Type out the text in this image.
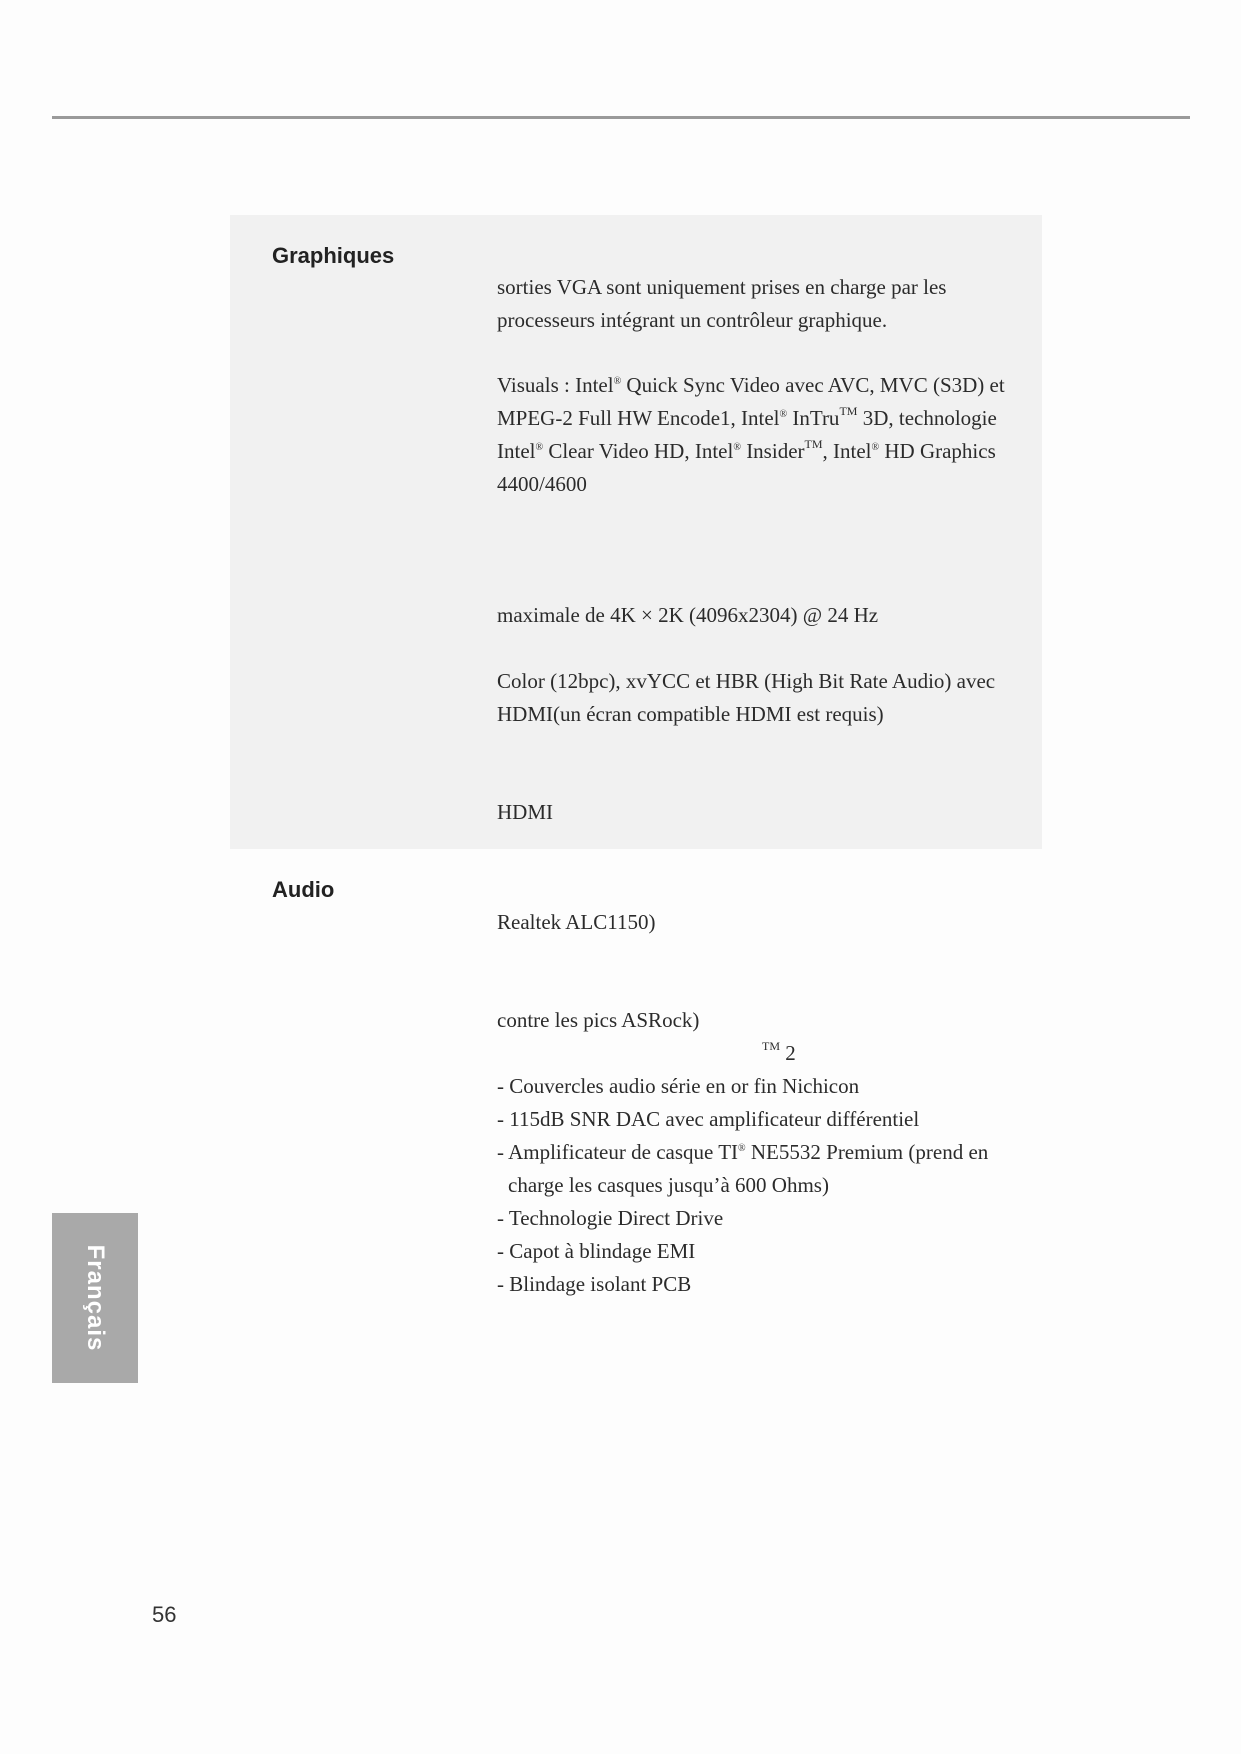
Graphiques
sorties VGA sont uniquement prises en charge par les
processeurs intégrant un contrôleur graphique.
Visuals : Intel® Quick Sync Video avec AVC, MVC (S3D) et
MPEG-2 Full HW Encode1, Intel® InTru™ 3D, technologie
Intel® Clear Video HD, Intel® Insider™, Intel® HD Graphics
4400/4600
maximale de 4K × 2K (4096x2304) @ 24 Hz
Color (12bpc), xvYCC et HBR (High Bit Rate Audio) avec
HDMI(un écran compatible HDMI est requis)
HDMI
Audio
Realtek ALC1150)
contre les pics ASRock)
™ 2
- Couvercles audio série en or fin Nichicon
- 115dB SNR DAC avec amplificateur différentiel
- Amplificateur de casque TI® NE5532 Premium (prend en
charge les casques jusqu’à 600 Ohms)
- Technologie Direct Drive
- Capot à blindage EMI
- Blindage isolant PCB
Français
56
